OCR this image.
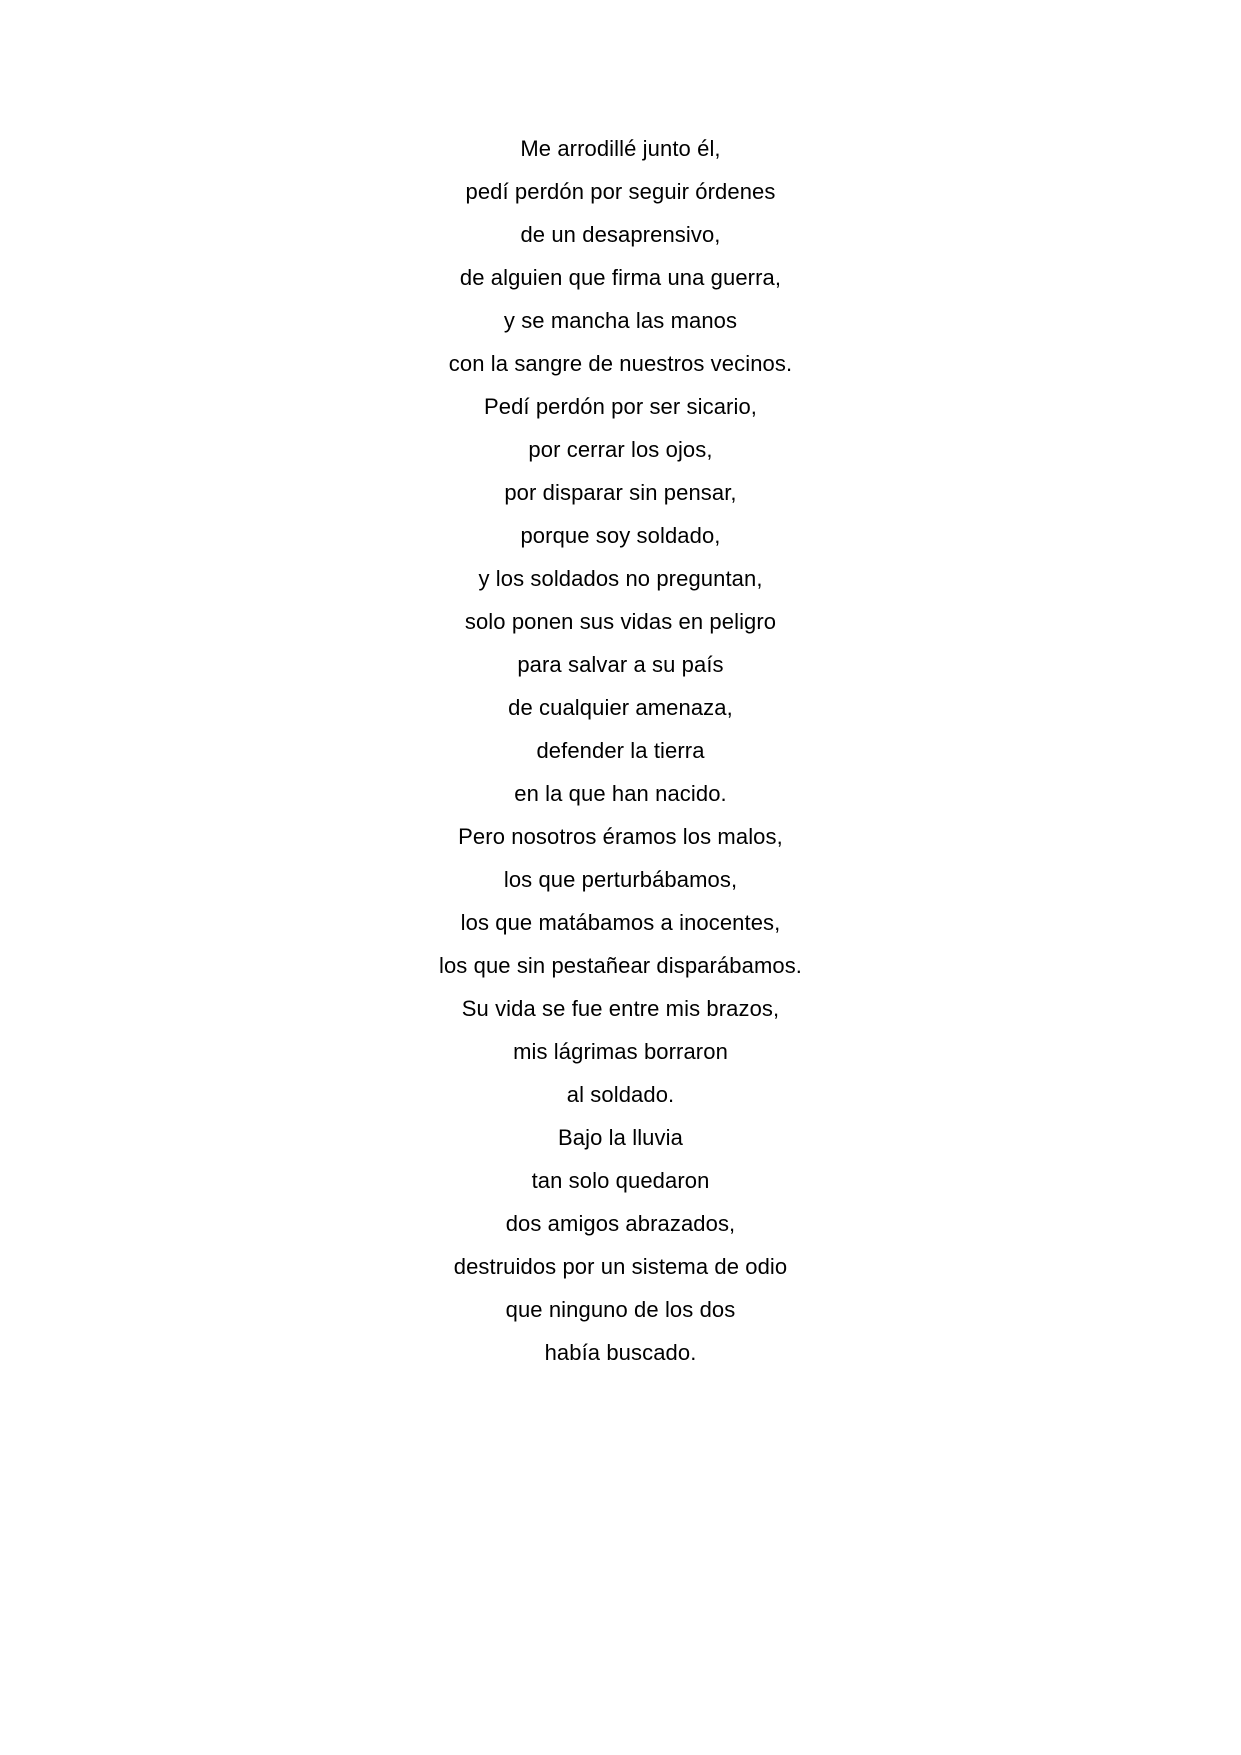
Me arrodillé junto él,

pedí perdón por seguir órdenes

de un desaprensivo,

de alguien que firma una guerra,

y se mancha las manos

con la sangre de nuestros vecinos.

Pedí perdón por ser sicario,

por cerrar los ojos,

por disparar sin pensar,

porque soy soldado,

y los soldados no preguntan,

solo ponen sus vidas en peligro

para salvar a su país

de cualquier amenaza,

defender la tierra

en la que han nacido.

Pero nosotros éramos los malos,

los que perturbábamos,

los que matábamos a inocentes,

los que sin pestañear disparábamos.

Su vida se fue entre mis brazos,

mis lágrimas borraron

al soldado.

Bajo la lluvia

tan solo quedaron

dos amigos abrazados,

destruidos por un sistema de odio

que ninguno de los dos

había buscado.
